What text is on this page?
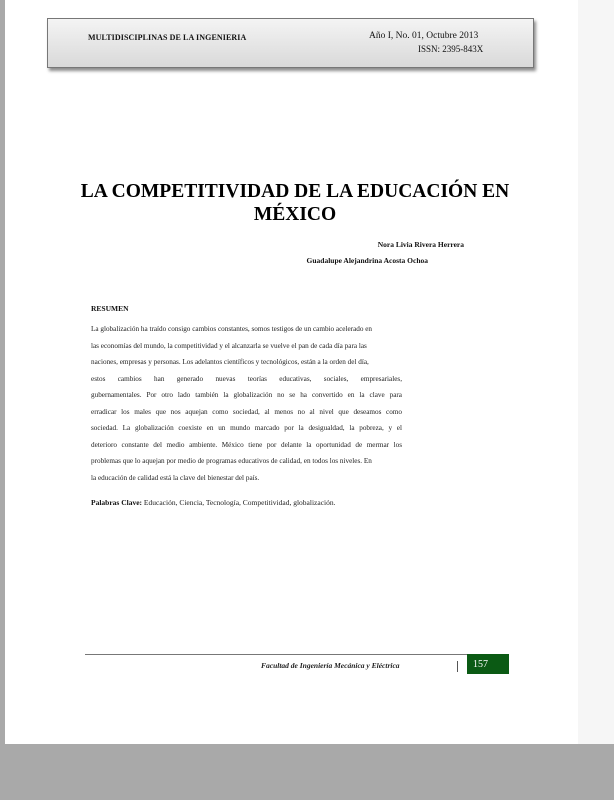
MULTIDISCIPLINAS DE LA INGENIERIA	Año I, No. 01, Octubre 2013
ISSN: 2395-843X
LA COMPETITIVIDAD DE LA EDUCACIÓN EN
MÉXICO
Nora Livia Rivera Herrera
Guadalupe Alejandrina Acosta Ochoa
RESUMEN
La globalización ha traído consigo cambios constantes, somos testigos de un cambio acelerado en
las economías del mundo, la competitividad y el alcanzarla se vuelve el pan de cada día para las
naciones, empresas y personas. Los adelantos científicos y tecnológicos, están a la orden del día,
estos cambios han generado nuevas teorías educativas, sociales, empresariales,
gubernamentales. Por otro lado también la globalización no se ha convertido en la clave para
erradicar los males que nos aquejan como sociedad, al menos no al nivel que deseamos como
sociedad. La globalización coexiste en un mundo marcado por la desigualdad, la pobreza, y el
deterioro constante del medio ambiente. México tiene por delante la oportunidad de mermar los
problemas que lo aquejan por medio de programas educativos de calidad, en todos los niveles. En
la educación de calidad está la clave del bienestar del país.
Palabras Clave: Educación, Ciencia, Tecnología, Competitividad, globalización.
Facultad de Ingeniería Mecánica y Eléctrica	157
